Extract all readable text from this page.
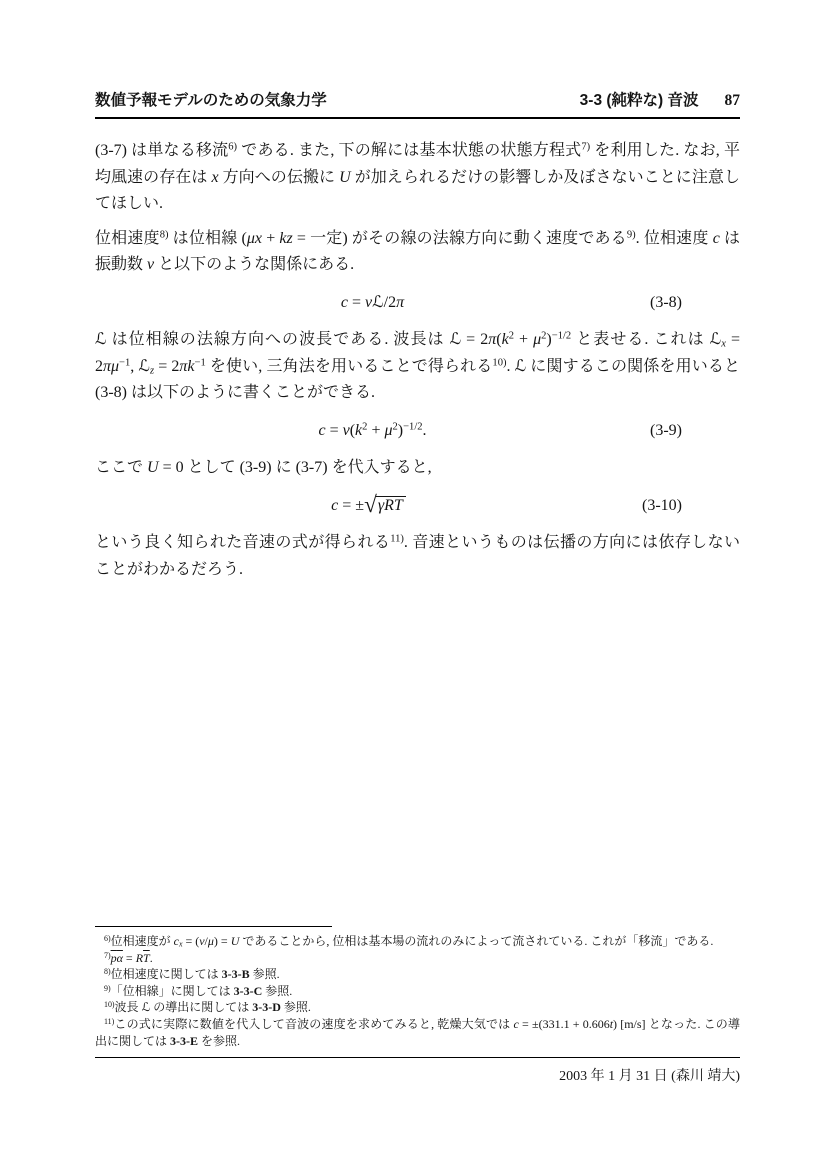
数値予報モデルのための気象力学	3-3 (純粋な) 音波 87

(3-7) は単なる移流$^{6)}$ である. また, 下の解には基本状態の状態方程式$^{7)}$ を利用した. なお, 平均風速の存在は x 方向への伝搬に U が加えられるだけの影響しか及ぼさないことに注意してほしい.

位相速度$^{8)}$ は位相線 (μx + kz = 一定) がその線の法線方向に動く速度である$^{9)}$. 位相速度 c は振動数 ν と以下のような関係にある.

c = νℒ/2π	(3-8)

ℒ は位相線の法線方向への波長である. 波長は ℒ = $2\pi(k^2 + \mu^2)^{-1/2}$ と表せる. これは ℒ$_x$ = $2\pi\mu^{-1}$, ℒ$_z$ = $2\pi k^{-1}$ を使い, 三角法を用いることで得られる$^{10)}$. ℒ に関するこの関係を用いると (3-8) は以下のように書くことができる.

$c = \nu(k^2 + \mu^2)^{-1/2}$.	(3-9)

ここで U = 0 として (3-9) に (3-7) を代入すると,

$c = \pm√\gamma R\overline{T}$	(3-10)

という良く知られた音速の式が得られる$^{11)}$. 音速というものは伝播の方向には依存しないことがわかるだろう.

$^{6)}$位相速度が $c_x = (\nu/\mu) = U$ であることから, 位相は基本場の流れのみによって流されている. これが「移流」である.

$^{7)}\overline{p}\overline{\alpha} = R\overline{T}$.

$^{8)}$位相速度に関しては 3-3-B 参照.

$^{9)}$「位相線」に関しては 3-3-C 参照.

$^{10)}$波長 ℒ の導出に関しては 3-3-D 参照.

$^{11)}$この式に実際に数値を代入して音波の速度を求めてみると, 乾燥大気では c = ±(331.1 + 0.606t) [m/s] となった. この導出に関しては 3-3-E を参照.

2003 年 1 月 31 日 (森川 靖大)
